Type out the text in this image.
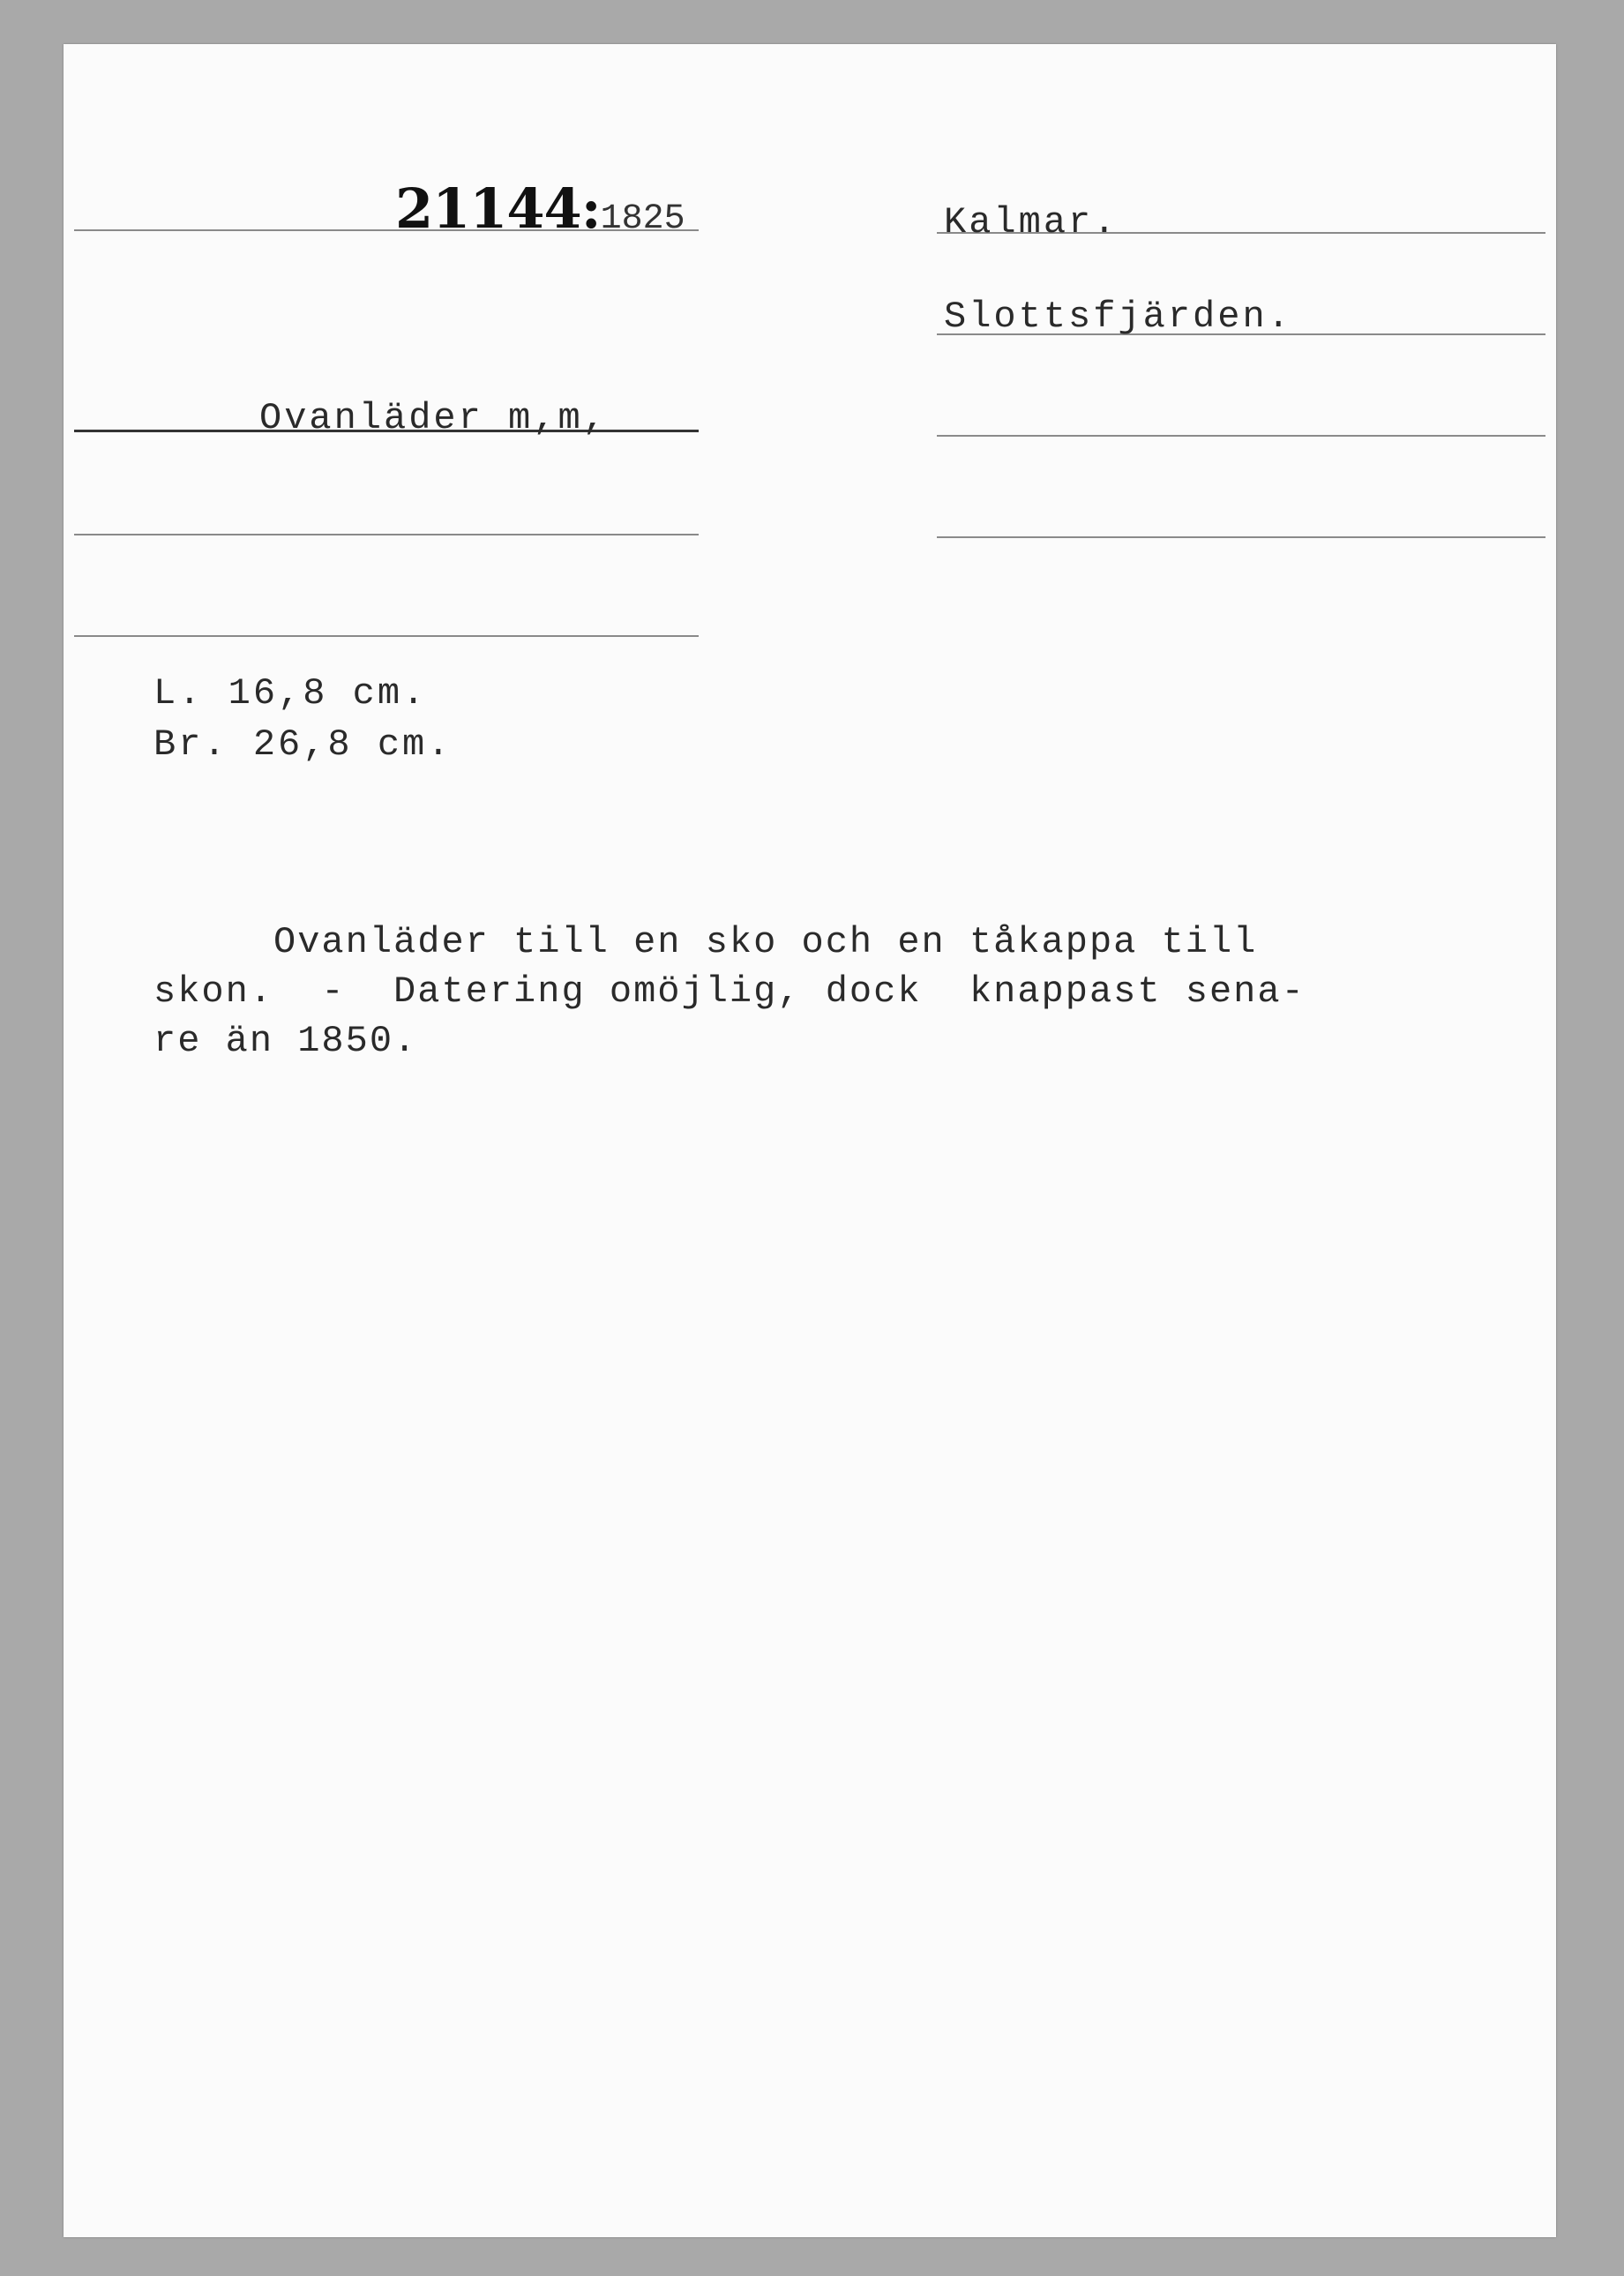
21144:1825	Kalmar.
Slottsfjärden.
Ovanläder m,m,
L. 16,8 cm.
Br. 26,8 cm.
Ovanläder till en sko och en tåkappa till
skon.  -  Datering omöjlig, dock  knappast sena-
re än 1850.
